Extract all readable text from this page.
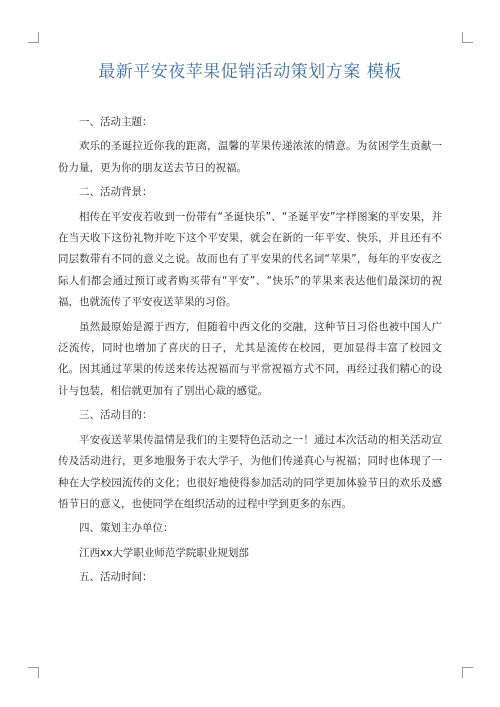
最新平安夜苹果促销活动策划方案 模板
一、活动主题：
欢乐的圣诞拉近你我的距离，温馨的苹果传递浓浓的情意。为贫困学生贡献一份力量，更为你的朋友送去节日的祝福。
二、活动背景：
相传在平安夜若收到一份带有“圣诞快乐”、“圣诞平安”字样图案的平安果，并在当天收下这份礼物并吃下这个平安果，就会在新的一年平安、快乐，并且还有不同层数带有不同的意义之说。故而也有了平安果的代名词“苹果”，每年的平安夜之际人们都会通过预订或者购买带有“平安”、“快乐”的苹果来表达他们最深切的祝福，也就流传了平安夜送苹果的习俗。
虽然最原始是源于西方，但随着中西文化的交融，这种节日习俗也被中国人广泛流传，同时也增加了喜庆的日子，尤其是流传在校园，更加显得丰富了校园文化。因其通过苹果的传送来传达祝福而与平常祝福方式不同，再经过我们精心的设计与包装，相信就更加有了别出心裁的感觉。
三、活动目的：
平安夜送苹果传温情是我们的主要特色活动之一！通过本次活动的相关活动宣传及活动进行，更多地服务于农大学子，为他们传递真心与祝福；同时也体现了一种在大学校园流传的文化；也很好地使得参加活动的同学更加体验节日的欢乐及感悟节日的意义，也使同学在组织活动的过程中学到更多的东西。
四、策划主办单位：
江西xx大学职业师范学院职业规划部
五、活动时间：
